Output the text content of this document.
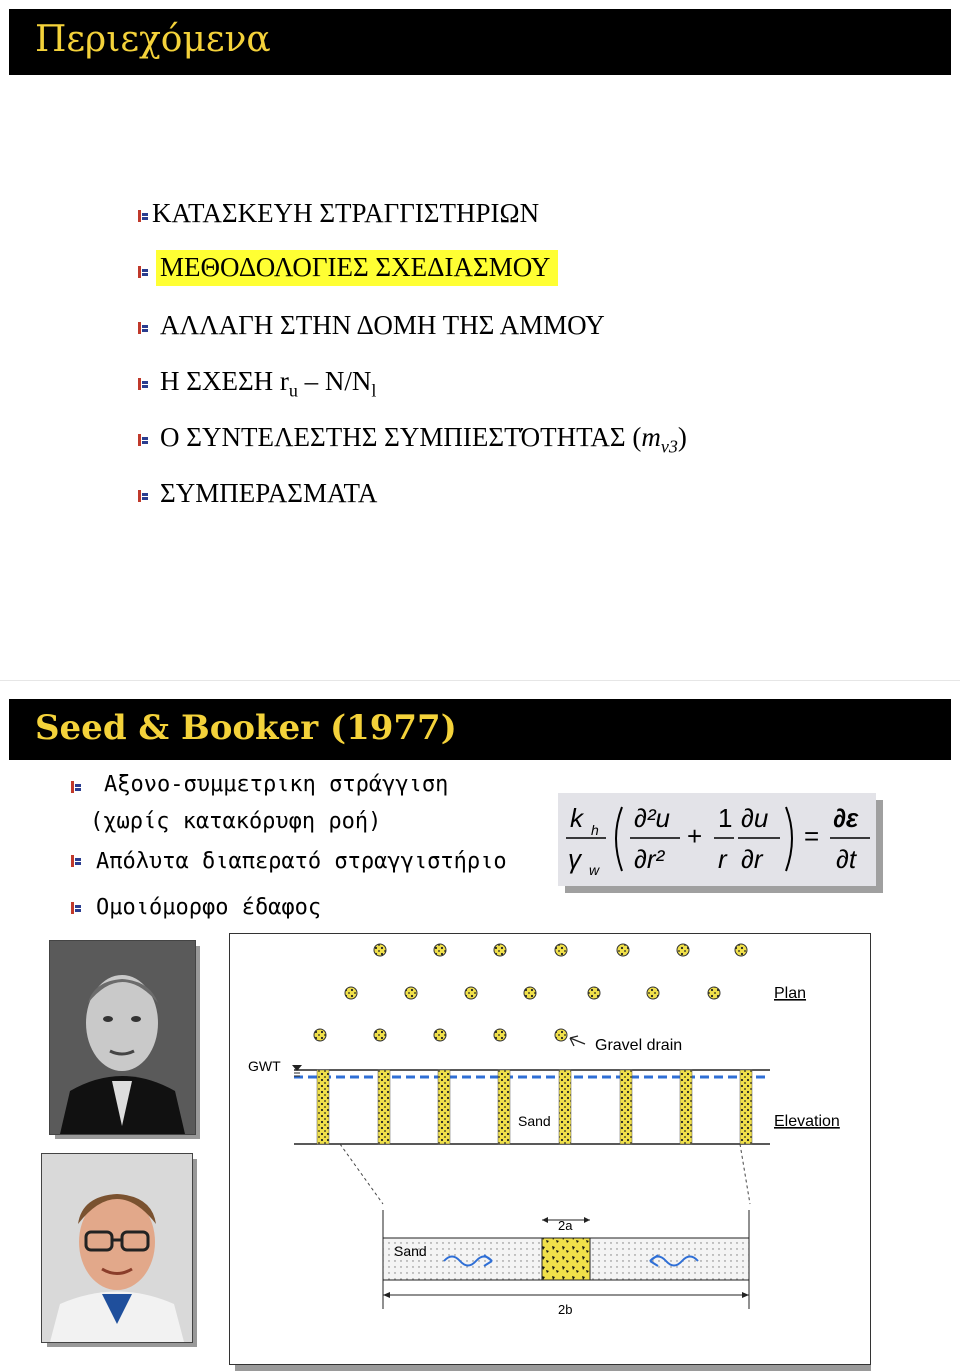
Περιεχόμενα
ΚΑΤΑΣΚΕΥΗ ΣΤΡΑΓΓΙΣΤΗΡΙΩΝ
ΜΕΘΟΔΟΛΟΓΙΕΣ ΣΧΕΔΙΑΣΜΟΥ
ΑΛΛΑΓΗ ΣΤΗΝ ΔΟΜΗ ΤΗΣ ΑΜΜΟΥ
Η ΣΧΕΣΗ $r_u - N/N_l$
Ο ΣΥΝΤΕΛΕΣΤΗΣ ΣΥΜΠΙΕΣΤΌΤΗΤΑΣ $(m_{v3})$
ΣΥΜΠΕΡΑΣΜΑΤΑ
Seed & Booker (1977)
Αξονο-συμμετρικη στράγγιση
(χωρίς κατακόρυφη ροή)
Απόλυτα διαπερατό στραγγιστήριο
Ομοιόμορφο έδαφος
k h
γ w
∂²u
∂r²
+
1
r
∂u
∂r
=
∂ε
∂t
Plan
GWT
Gravel drain
Sand	Elevation
Sand
2a
2b
